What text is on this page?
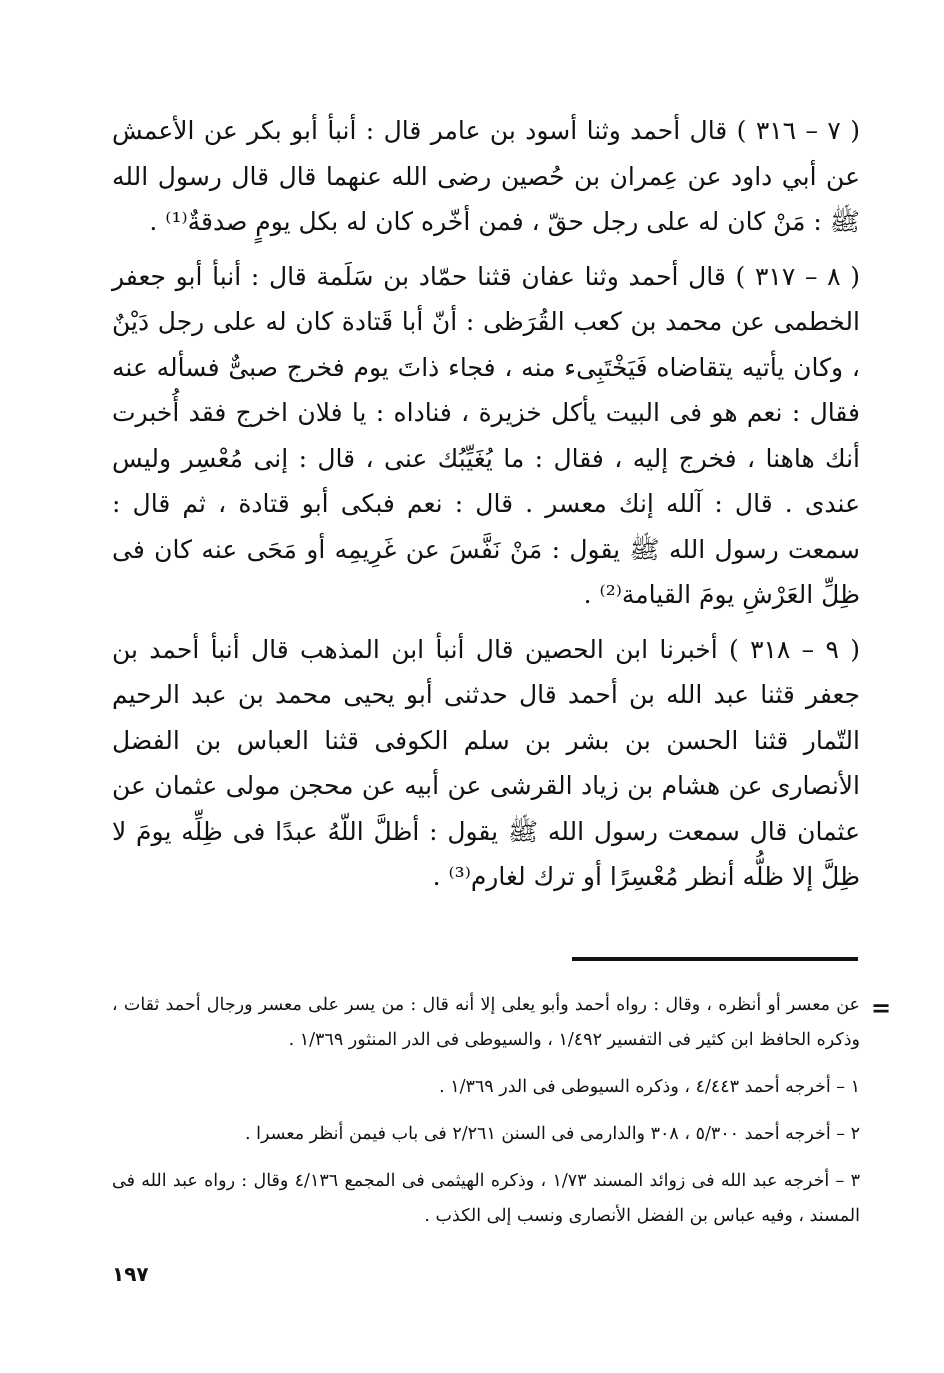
( ٧ – ٣١٦ ) قال أحمد وثنا أسود بن عامر قال : أنبأ أبو بكر عن الأعمش عن أبي داود عن عِمران بن حُصين رضى الله عنهما قال قال رسول الله ﷺ : مَنْ كان له على رجل حقّ ، فمن أخّره كان له بكل يومٍ صدقةٌ⁽¹⁾ .

( ٨ – ٣١٧ ) قال أحمد وثنا عفان قثنا حمّاد بن سَلَمة قال : أنبأ أبو جعفر الخطمى عن محمد بن كعب القُرَظى : أنّ أبا قَتادة كان له على رجل دَيْنٌ ، وكان يأتيه يتقاضاه فَيَخْتَبِىء منه ، فجاء ذاتَ يوم فخرج صبىٌّ فسأله عنه فقال : نعم هو فى البيت يأكل خزيرة ، فناداه : يا فلان اخرج فقد أُخبرت أنك هاهنا ، فخرج إليه ، فقال : ما يُغَيِّبُك عنى ، قال : إنى مُعْسِر وليس عندى . قال : آلله إنك معسر . قال : نعم فبكى أبو قتادة ، ثم قال : سمعت رسول الله ﷺ يقول : مَنْ نَفَّسَ عن غَرِيمِه أو مَحَى عنه كان فى ظِلِّ العَرْشِ يومَ القيامة⁽²⁾ .

( ٩ – ٣١٨ ) أخبرنا ابن الحصين قال أنبأ ابن المذهب قال أنبأ أحمد بن جعفر قثنا عبد الله بن أحمد قال حدثنى أبو يحيى محمد بن عبد الرحيم التّمار قثنا الحسن بن بشر بن سلم الكوفى قثنا العباس بن الفضل الأنصارى عن هشام بن زياد القرشى عن أبيه عن محجن مولى عثمان عن عثمان قال سمعت رسول الله ﷺ يقول : أظلَّ اللّهُ عبدًا فى ظِلِّه يومَ لا ظِلَّ إلا ظلُّه أنظر مُعْسِرًا أو ترك لغارم⁽³⁾ .

=

عن معسر أو أنظره ، وقال : رواه أحمد وأبو يعلى إلا أنه قال : من يسر على معسر ورجال أحمد ثقات ، وذكره الحافظ ابن كثير فى التفسير ١/٤٩٢ ، والسيوطى فى الدر المنثور ١/٣٦٩ .

١ – أخرجه أحمد ٤/٤٤٣ ، وذكره السيوطى فى الدر ١/٣٦٩ .

٢ – أخرجه أحمد ٥/٣٠٠ ، ٣٠٨ والدارمى فى السنن ٢/٢٦١ فى باب فيمن أنظر معسرا .

٣ – أخرجه عبد الله فى زوائد المسند ١/٧٣ ، وذكره الهيثمى فى المجمع ٤/١٣٦ وقال : رواه عبد الله فى المسند ، وفيه عباس بن الفضل الأنصارى ونسب إلى الكذب .

١٩٧
